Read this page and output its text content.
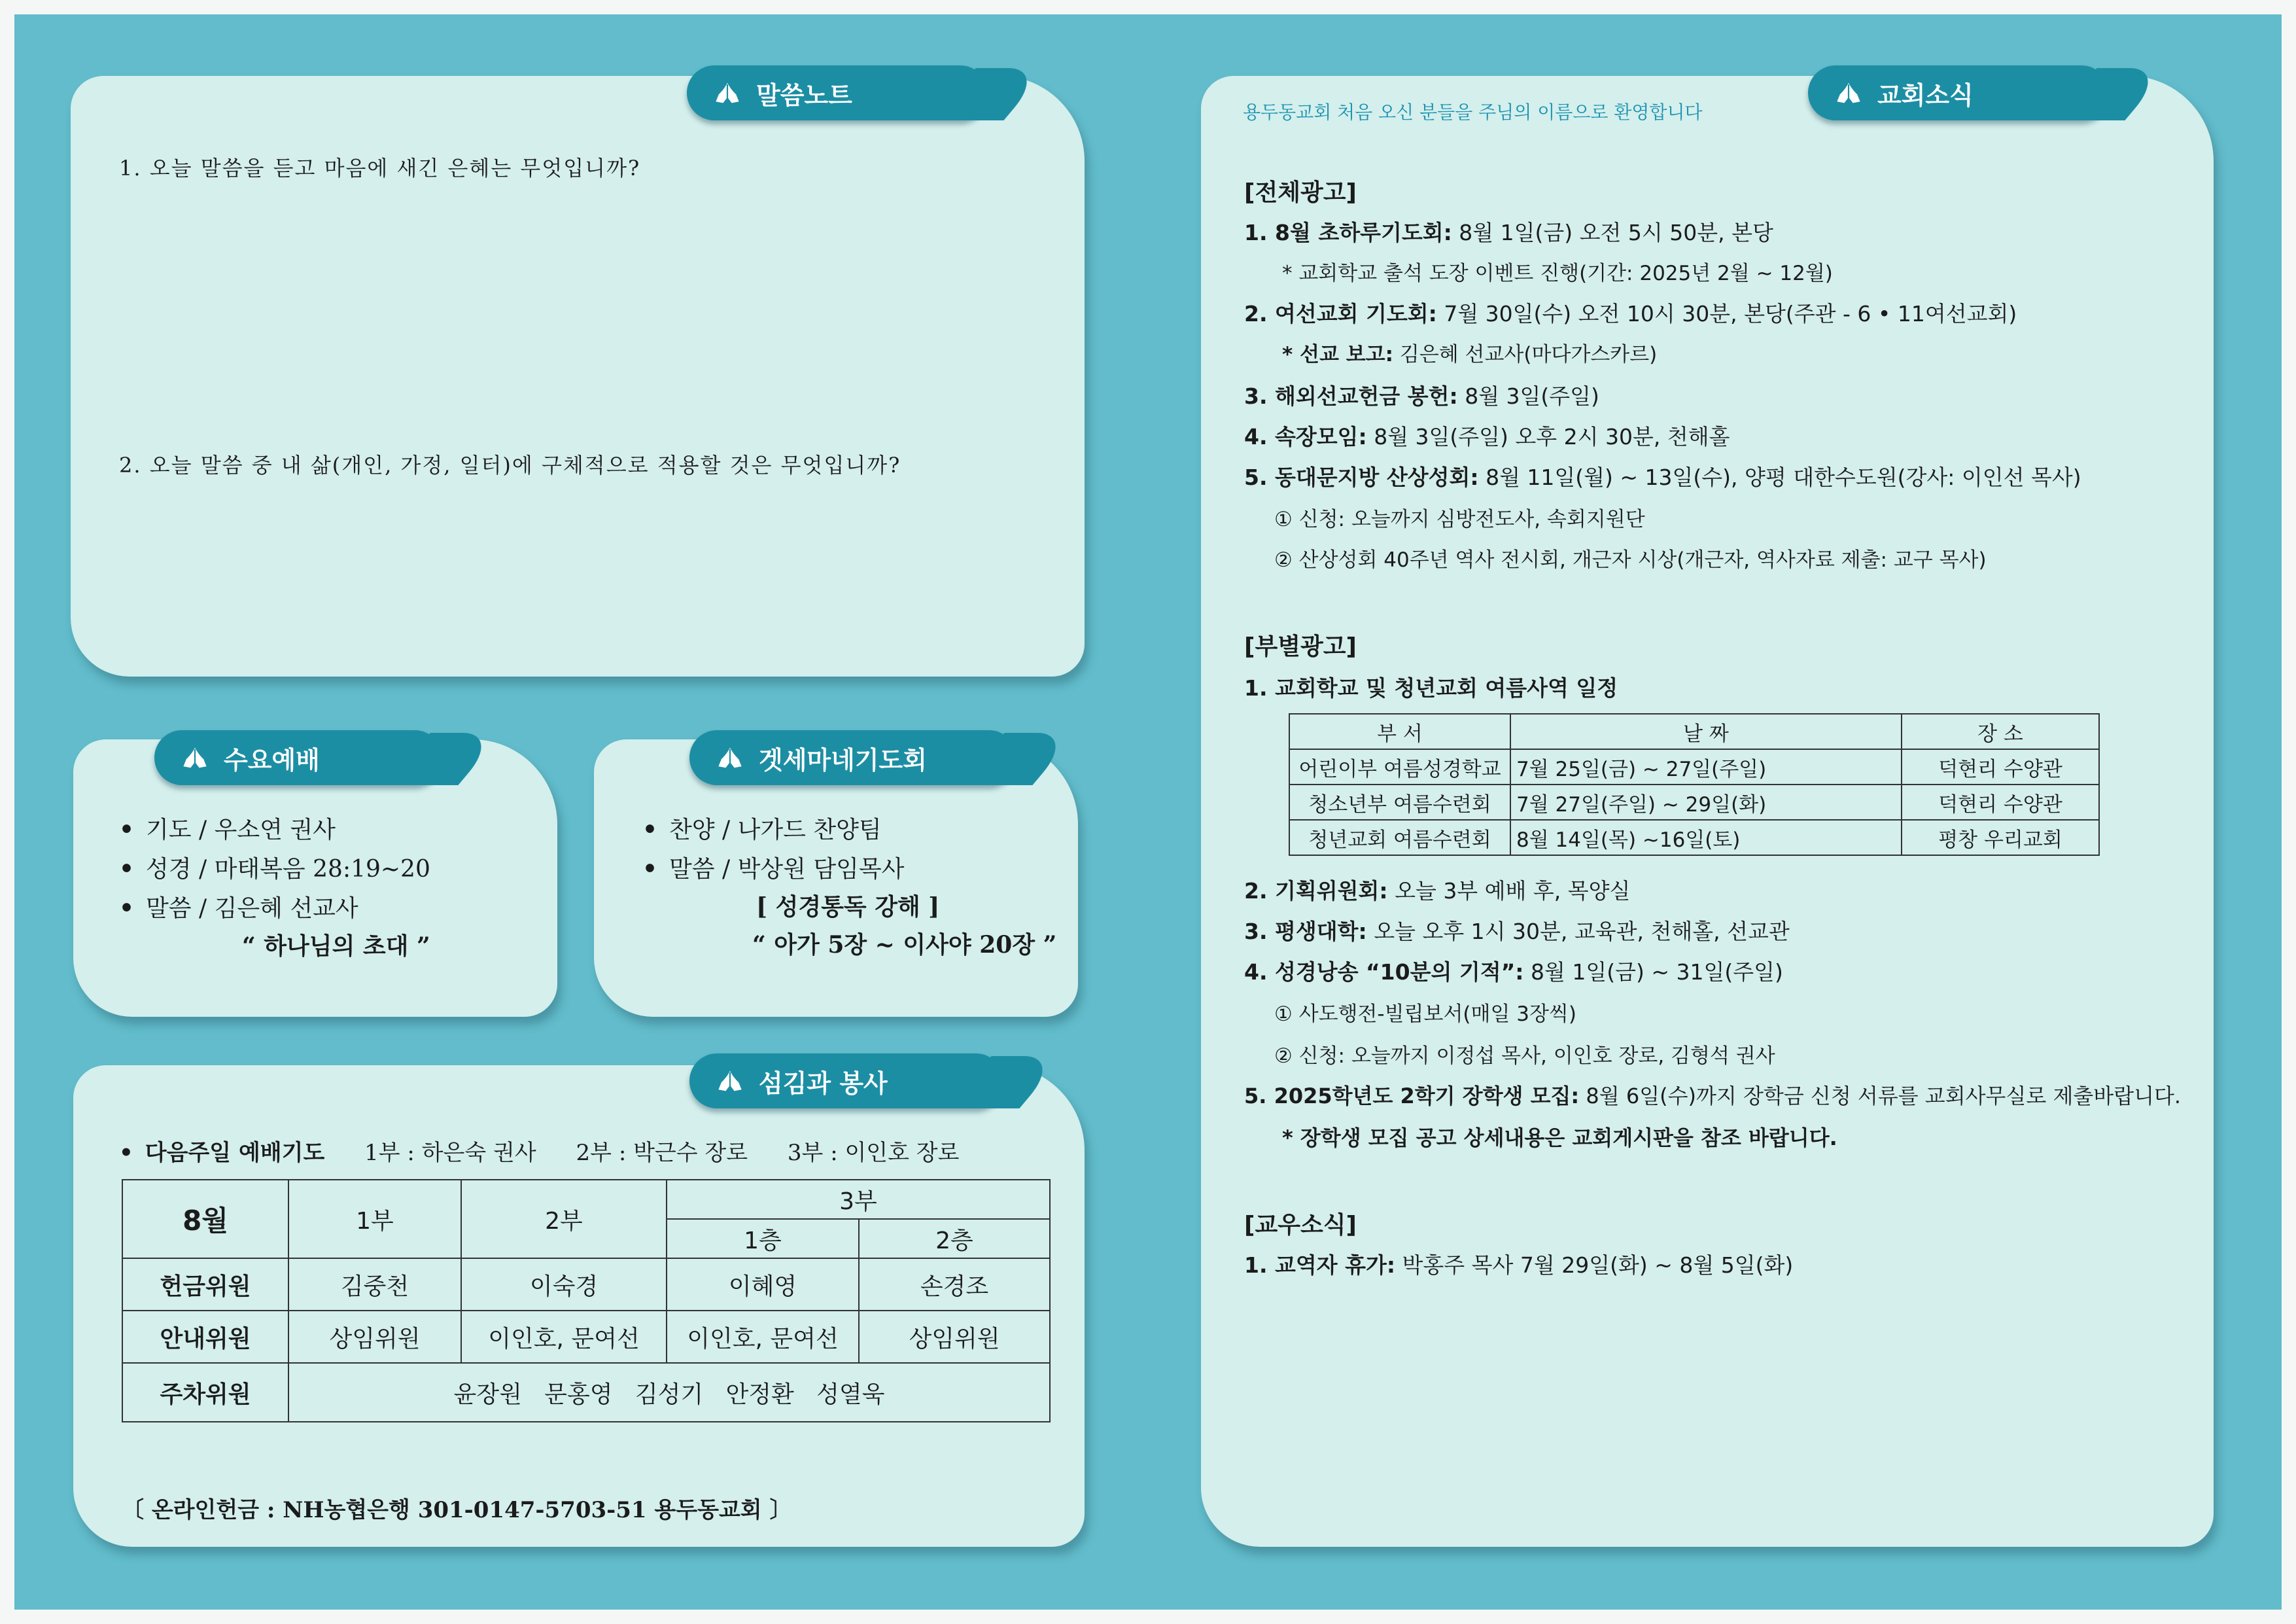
말씀노트
1. 오늘 말씀을 듣고 마음에 새긴 은혜는 무엇입니까?
2. 오늘 말씀 중 내 삶(개인, 가정, 일터)에 구체적으로 적용할 것은 무엇입니까?
수요예배
• 기도 / 우소연 권사
• 성경 / 마태복음 28:19~20
• 말씀 / 김은혜 선교사
“ 하나님의 초대 ”
겟세마네기도회
• 찬양 / 나가드 찬양팀
• 말씀 / 박상원 담임목사
[ 성경통독 강해 ]
“ 아가 5장 ~ 이사야 20장 ”
섬김과 봉사
• 다음주일 예배기도 1부 : 하은숙 권사 2부 : 박근수 장로 3부 : 이인호 장로
8월	1부	2부	3부	
			1층	2층
헌금위원	김중천	이숙경	이혜영	손경조
안내위원	상임위원	이인호, 문여선	이인호, 문여선	상임위원
주차위원	윤장원   문홍영   김성기   안정환   성열욱			
〔 온라인헌금 : NH농협은행 301-0147-5703-51 용두동교회 〕
교회소식
용두동교회 처음 오신 분들을 주님의 이름으로 환영합니다
[전체광고]
1. 8월 초하루기도회: 8월 1일(금) 오전 5시 50분, 본당
* 교회학교 출석 도장 이벤트 진행(기간: 2025년 2월 ~ 12월)
2. 여선교회 기도회: 7월 30일(수) 오전 10시 30분, 본당(주관 - 6 • 11여선교회)
* 선교 보고: 김은혜 선교사(마다가스카르)
3. 해외선교헌금 봉헌: 8월 3일(주일)
4. 속장모임: 8월 3일(주일) 오후 2시 30분, 천해홀
5. 동대문지방 산상성회: 8월 11일(월) ~ 13일(수), 양평 대한수도원(강사: 이인선 목사)
① 신청: 오늘까지 심방전도사, 속회지원단
② 산상성회 40주년 역사 전시회, 개근자 시상(개근자, 역사자료 제출: 교구 목사)
[부별광고]
1. 교회학교 및 청년교회 여름사역 일정
부 서	날 짜	장 소
어린이부 여름성경학교	7월 25일(금) ~ 27일(주일)	덕현리 수양관
청소년부 여름수련회	7월 27일(주일) ~ 29일(화)	덕현리 수양관
청년교회 여름수련회	8월 14일(목) ~16일(토)	평창 우리교회
2. 기획위원회: 오늘 3부 예배 후, 목양실
3. 평생대학: 오늘 오후 1시 30분, 교육관, 천해홀, 선교관
4. 성경낭송 “10분의 기적”: 8월 1일(금) ~ 31일(주일)
① 사도행전-빌립보서(매일 3장씩)
② 신청: 오늘까지 이정섭 목사, 이인호 장로, 김형석 권사
5. 2025학년도 2학기 장학생 모집: 8월 6일(수)까지 장학금 신청 서류를 교회사무실로 제출바랍니다.
* 장학생 모집 공고 상세내용은 교회게시판을 참조 바랍니다.
[교우소식]
1. 교역자 휴가: 박홍주 목사 7월 29일(화) ~ 8월 5일(화)
